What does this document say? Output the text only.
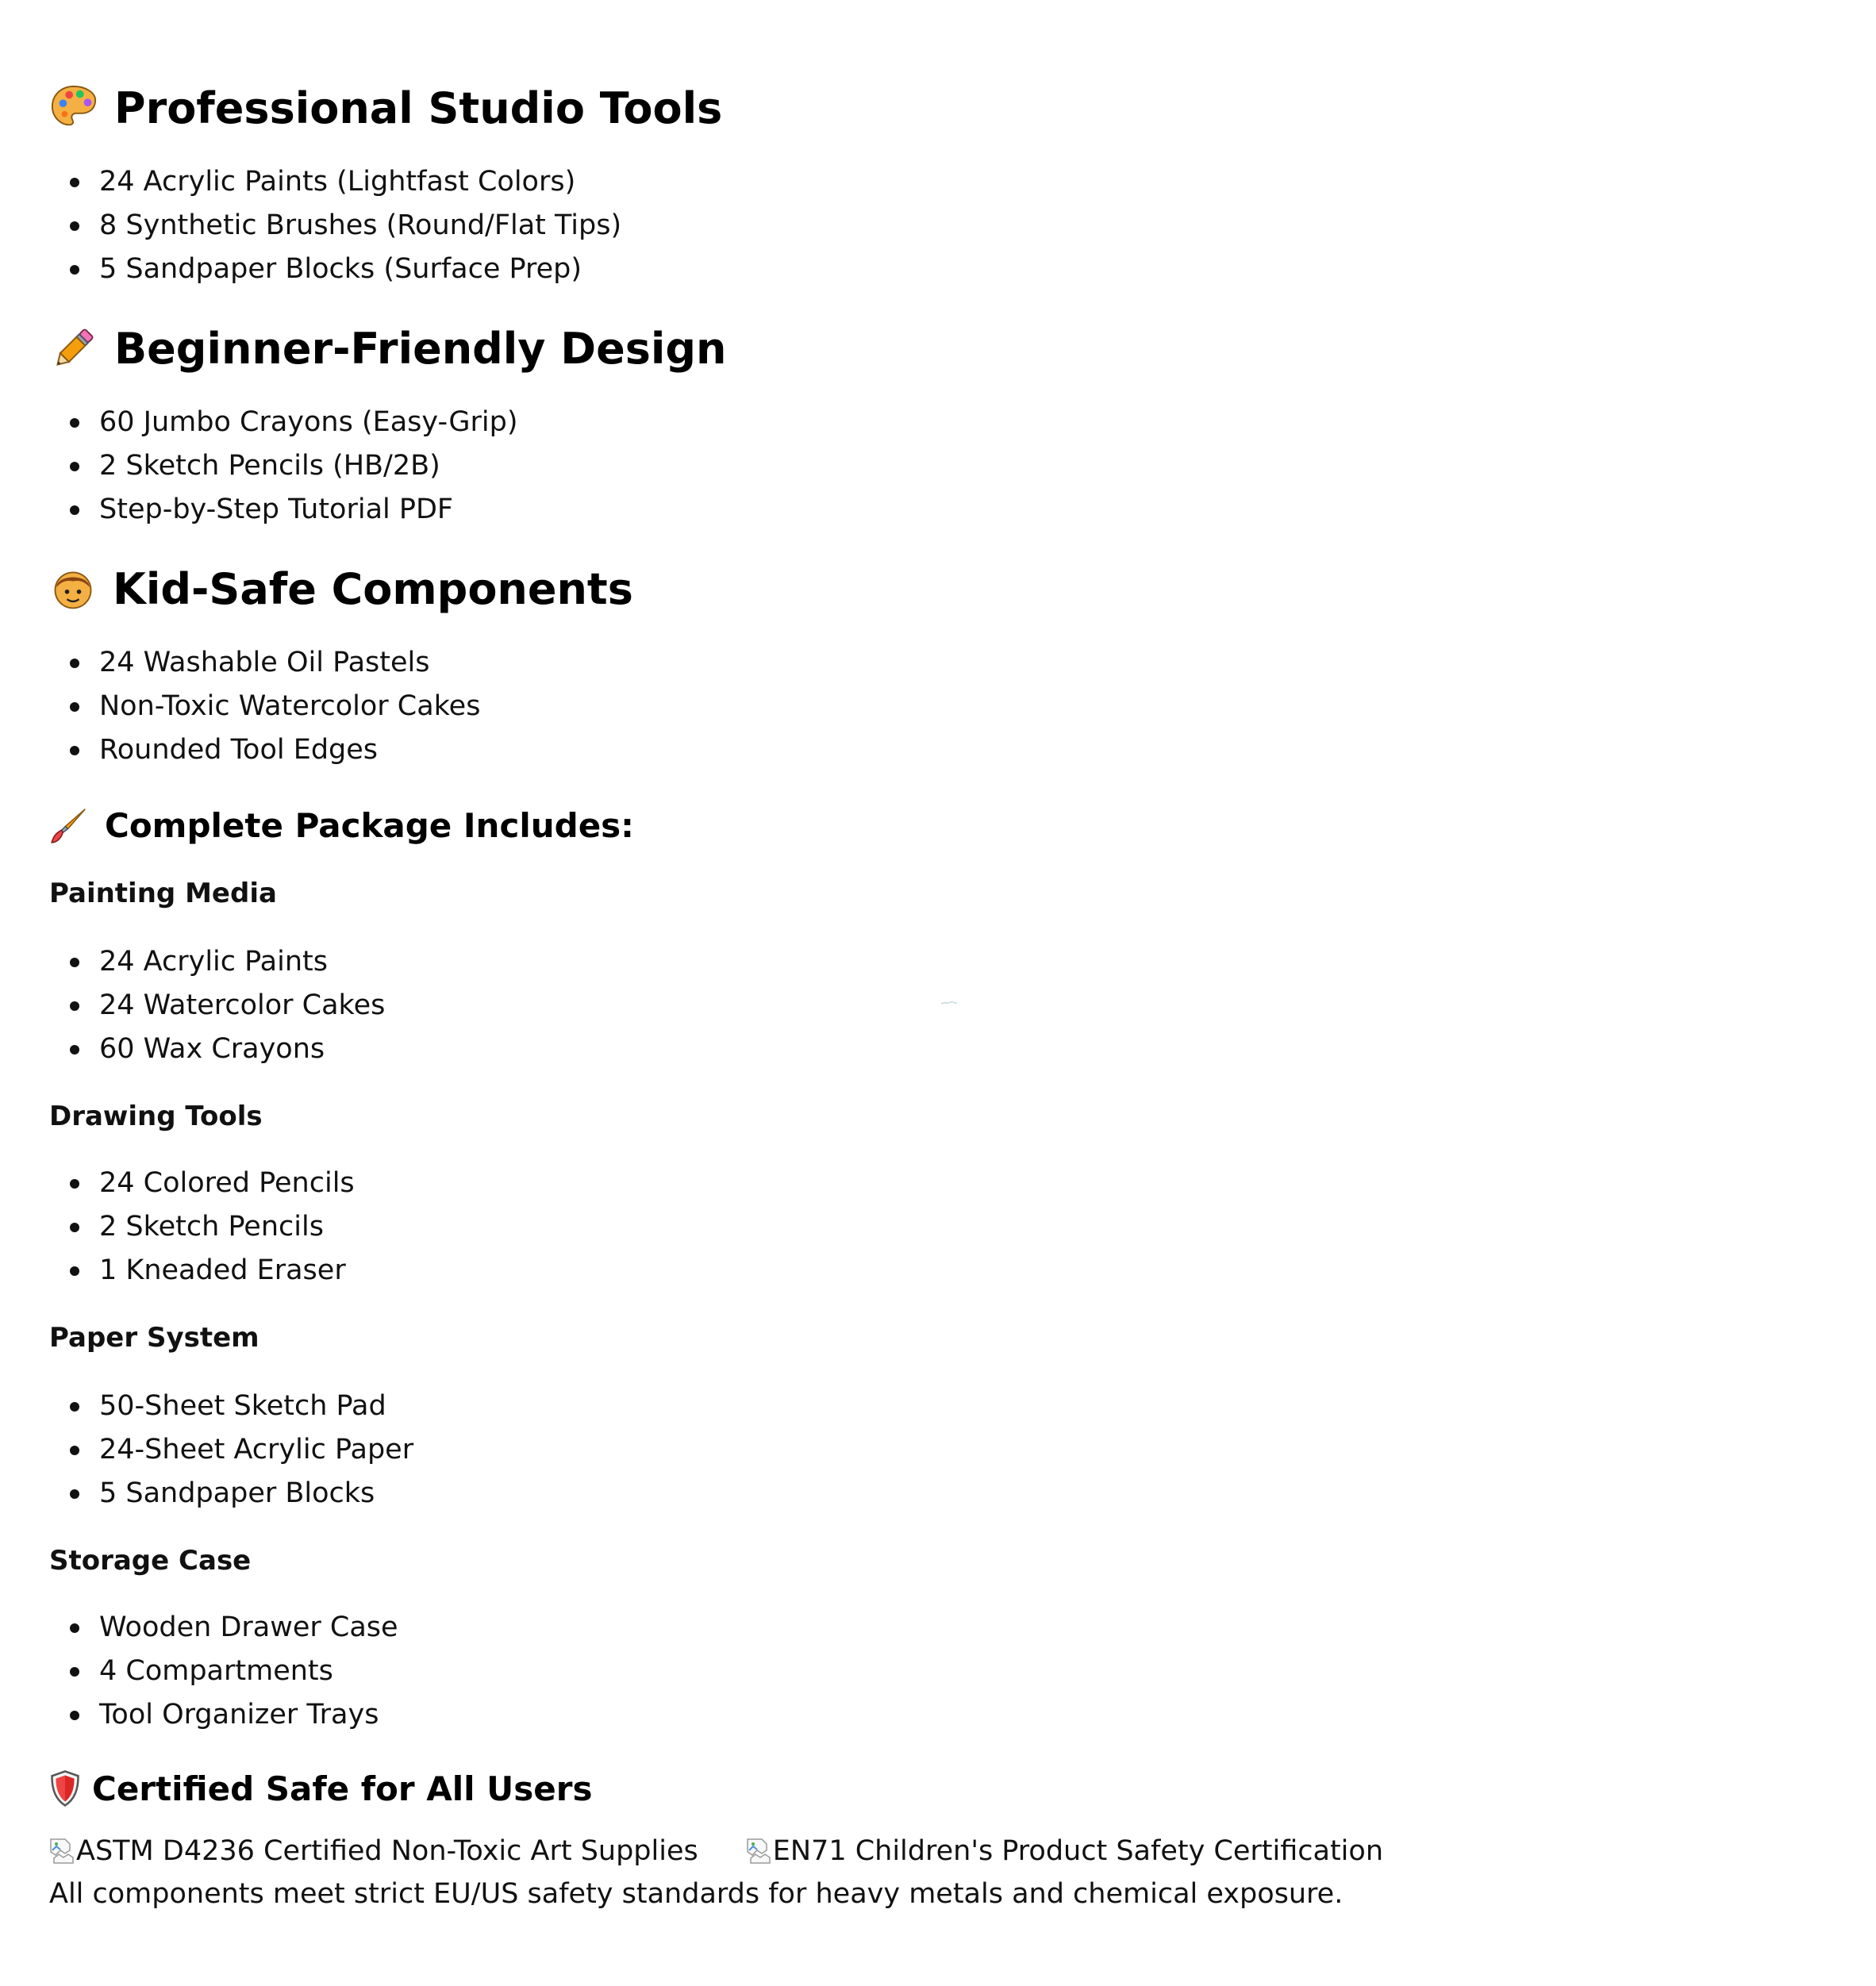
Professional Studio Tools
24 Acrylic Paints (Lightfast Colors)
8 Synthetic Brushes (Round/Flat Tips)
5 Sandpaper Blocks (Surface Prep)
Beginner-Friendly Design
60 Jumbo Crayons (Easy-Grip)
2 Sketch Pencils (HB/2B)
Step-by-Step Tutorial PDF
Kid-Safe Components
24 Washable Oil Pastels
Non-Toxic Watercolor Cakes
Rounded Tool Edges
Complete Package Includes:
Painting Media
24 Acrylic Paints
24 Watercolor Cakes
60 Wax Crayons
Drawing Tools
24 Colored Pencils
2 Sketch Pencils
1 Kneaded Eraser
Paper System
50-Sheet Sketch Pad
24-Sheet Acrylic Paper
5 Sandpaper Blocks
Storage Case
Wooden Drawer Case
4 Compartments
Tool Organizer Trays
Certified Safe for All Users
ASTM D4236 Certified Non-Toxic Art Supplies	EN71 Children's Product Safety Certification
All components meet strict EU/US safety standards for heavy metals and chemical exposure.
